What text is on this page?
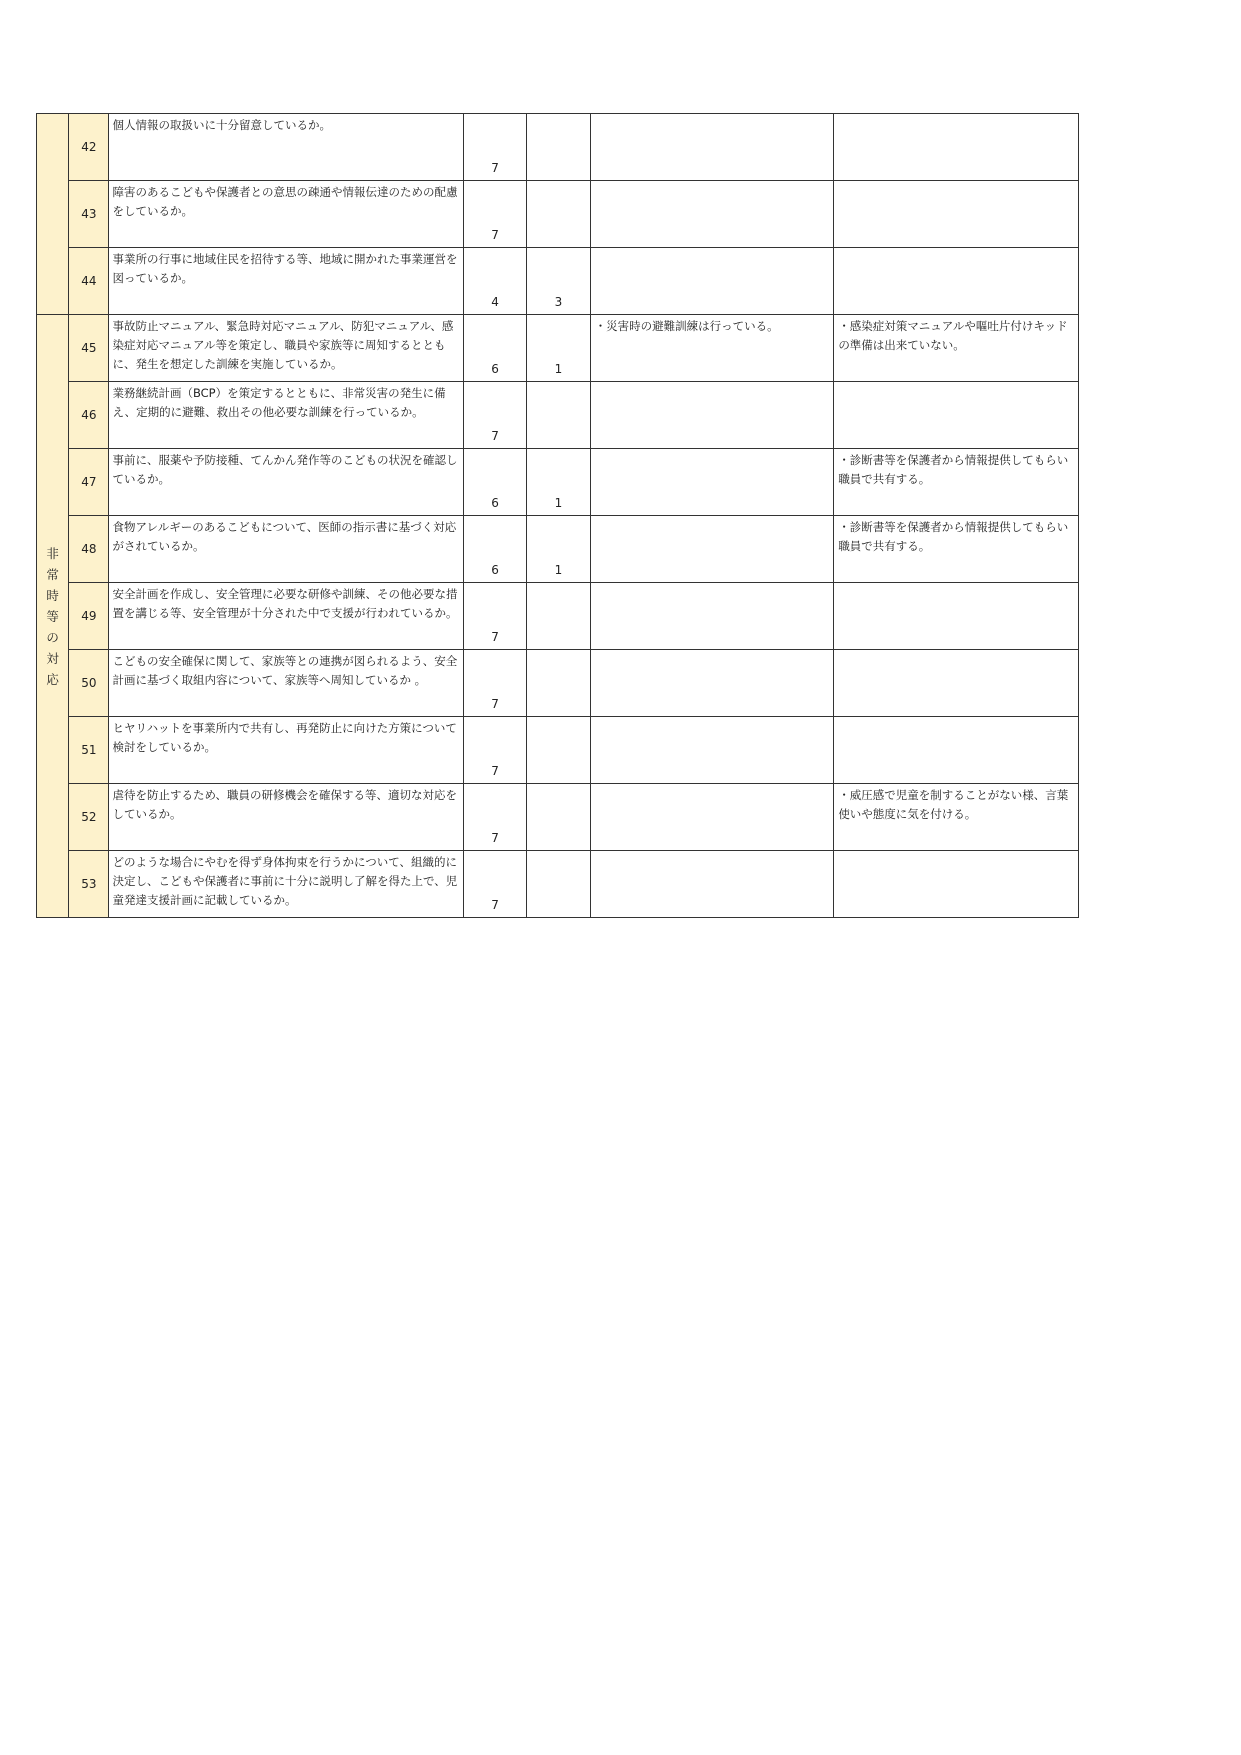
	42	個人情報の取扱いに十分留意しているか。	7			
	43	障害のあるこどもや保護者との意思の疎通や情報伝達のための配慮をしているか。	7			
	44	事業所の行事に地域住民を招待する等、地域に開かれた事業運営を図っているか。	4	3		
非常時等の対応	45	事故防止マニュアル、緊急時対応マニュアル、防犯マニュアル、感染症対応マニュアル等を策定し、職員や家族等に周知するとともに、発生を想定した訓練を実施しているか。	6	1	・災害時の避難訓練は行っている。	・感染症対策マニュアルや嘔吐片付けキッドの準備は出来ていない。
	46	業務継続計画（BCP）を策定するとともに、非常災害の発生に備え、定期的に避難、救出その他必要な訓練を行っているか。	7			
	47	事前に、服薬や予防接種、てんかん発作等のこどもの状況を確認しているか。	6	1		・診断書等を保護者から情報提供してもらい職員で共有する。
	48	食物アレルギーのあるこどもについて、医師の指示書に基づく対応がされているか。	6	1		・診断書等を保護者から情報提供してもらい職員で共有する。
	49	安全計画を作成し、安全管理に必要な研修や訓練、その他必要な措置を講じる等、安全管理が十分された中で支援が行われているか。	7			
	50	こどもの安全確保に関して、家族等との連携が図られるよう、安全計画に基づく取組内容について、家族等へ周知しているか 。	7			
	51	ヒヤリハットを事業所内で共有し、再発防止に向けた方策について検討をしているか。	7			
	52	虐待を防止するため、職員の研修機会を確保する等、適切な対応をしているか。	7			・威圧感で児童を制することがない様、言葉使いや態度に気を付ける。
	53	どのような場合にやむを得ず身体拘束を行うかについて、組織的に決定し、こどもや保護者に事前に十分に説明し了解を得た上で、児童発達支援計画に記載しているか。	7			
